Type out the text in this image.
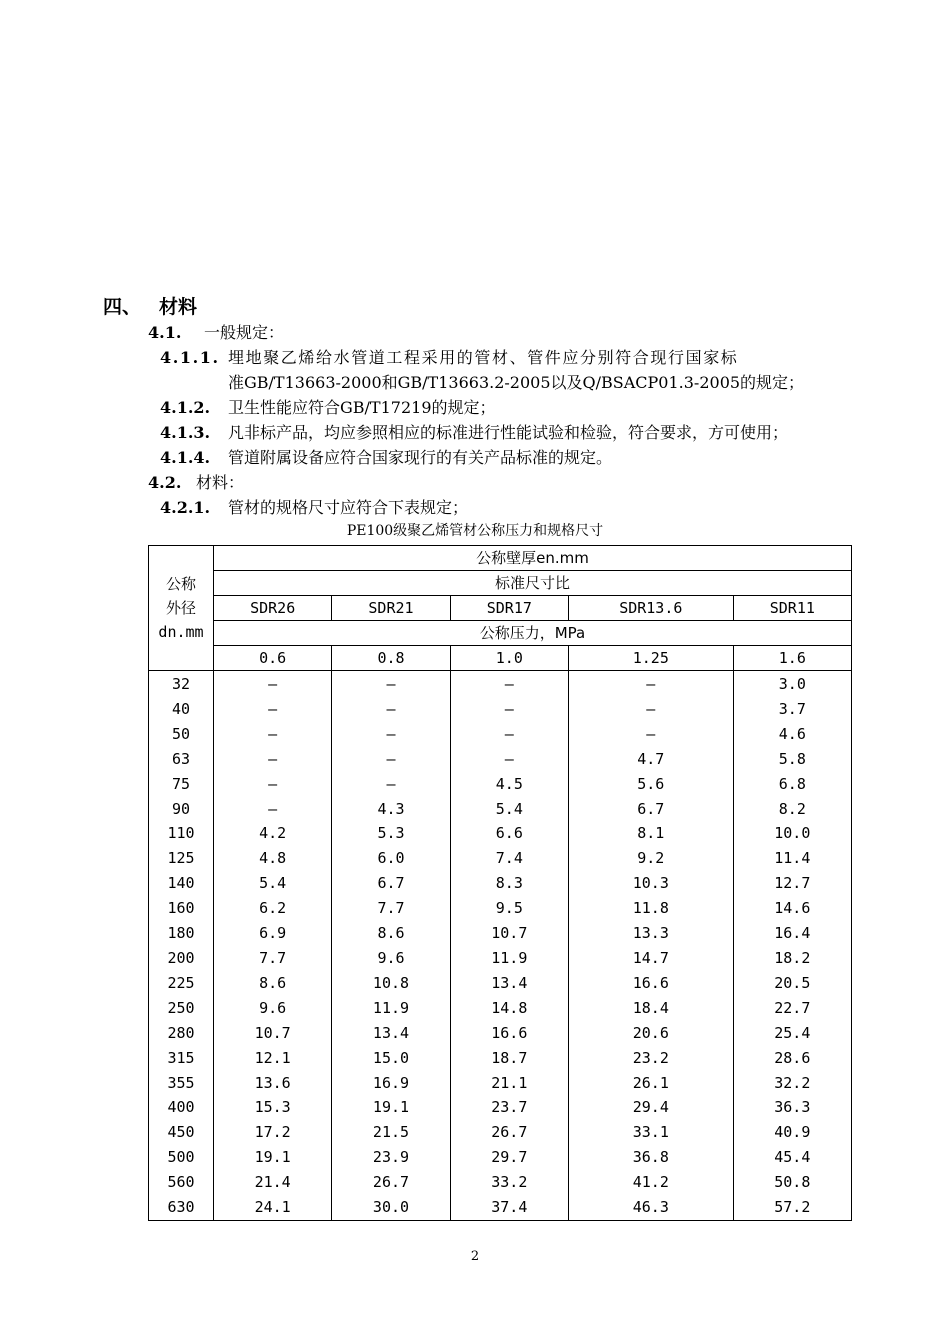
四、 材料
4.1. 一般规定：
4.1.1. 埋地聚乙烯给水管道工程采用的管材、管件应分别符合现行国家标
准GB/T13663-2000和GB/T13663.2-2005以及Q/BSACP01.3-2005的规定；
4.1.2. 卫生性能应符合GB/T17219的规定；
4.1.3. 凡非标产品，均应参照相应的标准进行性能试验和检验，符合要求，方可使用；
4.1.4. 管道附属设备应符合国家现行的有关产品标准的规定。
4.2. 材料：
4.2.1. 管材的规格尺寸应符合下表规定；
PE100级聚乙烯管材公称压力和规格尺寸
公称
外径
dn.mm	公称壁厚en.mm				
	标准尺寸比				
	SDR26	SDR21	SDR17	SDR13.6	SDR11
	公称压力，MPa				
	0.6	0.8	1.0	1.25	1.6
32	—	—	—	—	3.0
40	—	—	—	—	3.7
50	—	—	—	—	4.6
63	—	—	—	4.7	5.8
75	—	—	4.5	5.6	6.8
90	—	4.3	5.4	6.7	8.2
110	4.2	5.3	6.6	8.1	10.0
125	4.8	6.0	7.4	9.2	11.4
140	5.4	6.7	8.3	10.3	12.7
160	6.2	7.7	9.5	11.8	14.6
180	6.9	8.6	10.7	13.3	16.4
200	7.7	9.6	11.9	14.7	18.2
225	8.6	10.8	13.4	16.6	20.5
250	9.6	11.9	14.8	18.4	22.7
280	10.7	13.4	16.6	20.6	25.4
315	12.1	15.0	18.7	23.2	28.6
355	13.6	16.9	21.1	26.1	32.2
400	15.3	19.1	23.7	29.4	36.3
450	17.2	21.5	26.7	33.1	40.9
500	19.1	23.9	29.7	36.8	45.4
560	21.4	26.7	33.2	41.2	50.8
630	24.1	30.0	37.4	46.3	57.2
2
